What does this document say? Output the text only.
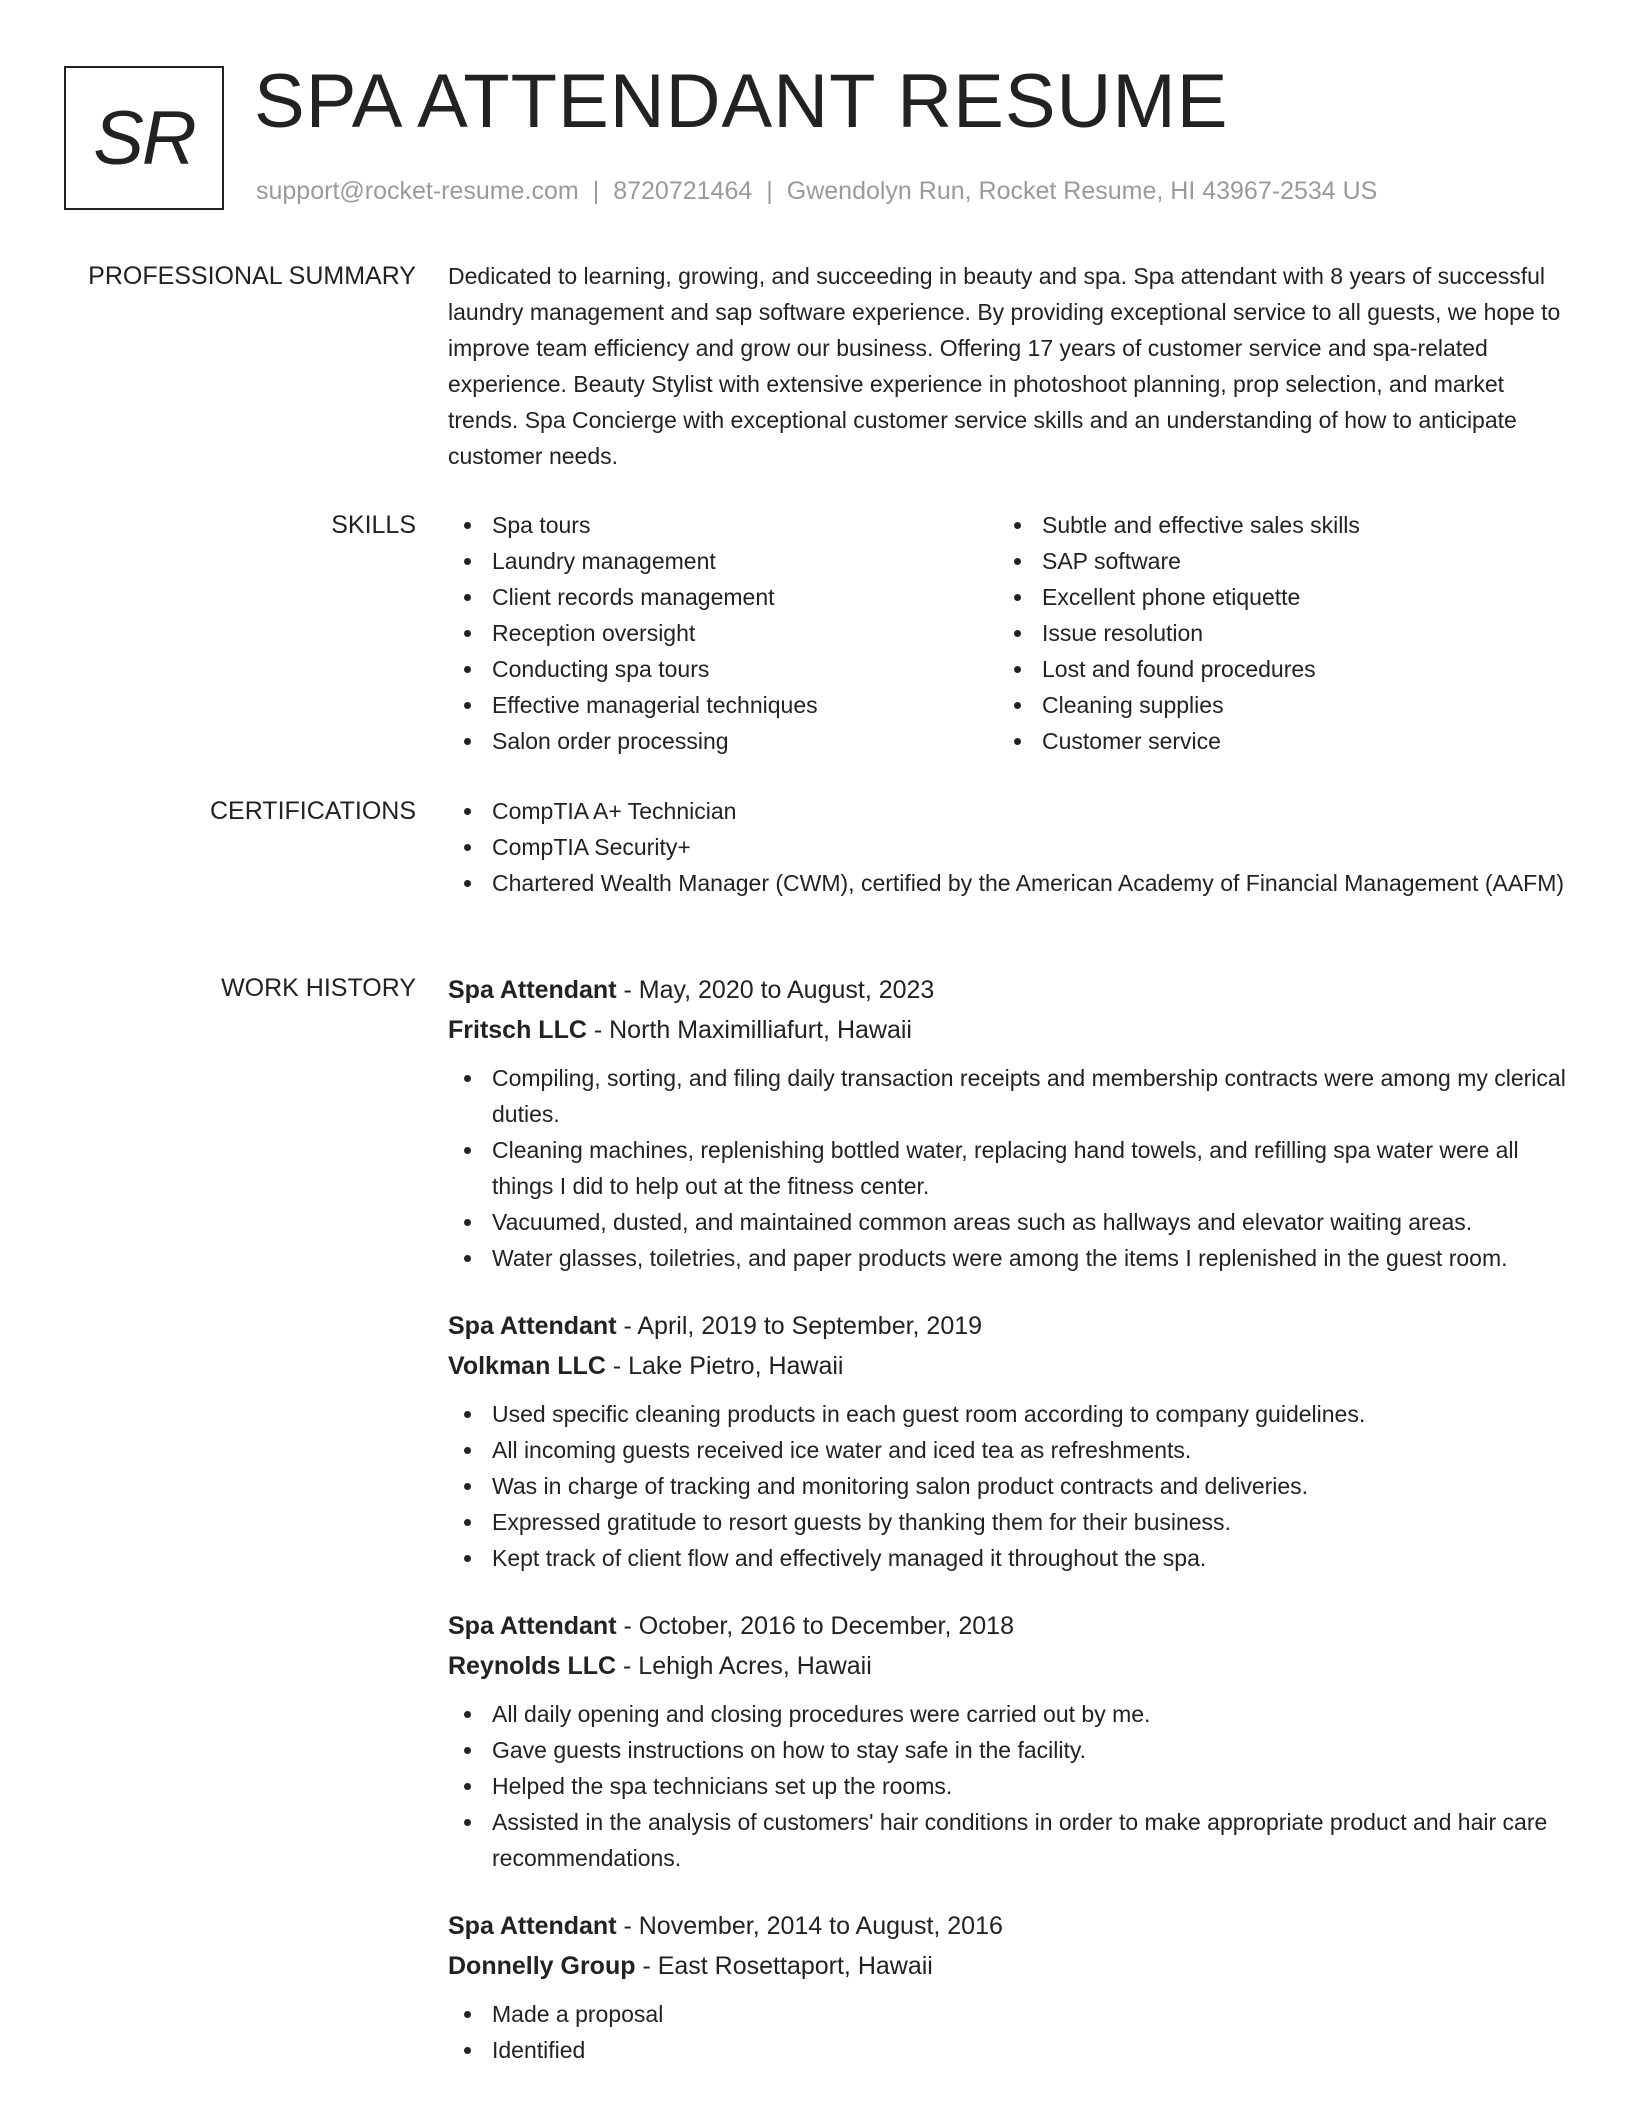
SR SPA ATTENDANT RESUME
support@rocket-resume.com | 8720721464 | Gwendolyn Run, Rocket Resume, HI 43967-2534 US
PROFESSIONAL SUMMARY Dedicated to learning, growing, and succeeding in beauty and spa. Spa attendant with 8 years of successful laundry management and sap software experience. By providing exceptional service to all guests, we hope to improve team efficiency and grow our business. Offering 17 years of customer service and spa-related experience. Beauty Stylist with extensive experience in photoshoot planning, prop selection, and market trends. Spa Concierge with exceptional customer service skills and an understanding of how to anticipate customer needs.

SKILLS	Spa tours
Laundry management
Client records management
Reception oversight
Conducting spa tours
Effective managerial techniques
Salon order processing
Subtle and effective sales skills
SAP software
Excellent phone etiquette
Issue resolution
Lost and found procedures
Cleaning supplies
Customer service
CERTIFICATIONS	CompTIA A+ Technician
CompTIA Security+
Chartered Wealth Manager (CWM), certified by the American Academy of Financial Management (AAFM)
WORK HISTORY Spa Attendant - May, 2020 to August, 2023
Fritsch LLC - North Maximilliafurt, Hawaii
Compiling, sorting, and filing daily transaction receipts and membership contracts were among my clerical duties.
Cleaning machines, replenishing bottled water, replacing hand towels, and refilling spa water were all things I did to help out at the fitness center.
Vacuumed, dusted, and maintained common areas such as hallways and elevator waiting areas.
Water glasses, toiletries, and paper products were among the items I replenished in the guest room.
Spa Attendant - April, 2019 to September, 2019
Volkman LLC - Lake Pietro, Hawaii
Used specific cleaning products in each guest room according to company guidelines.
All incoming guests received ice water and iced tea as refreshments.
Was in charge of tracking and monitoring salon product contracts and deliveries.
Expressed gratitude to resort guests by thanking them for their business.
Kept track of client flow and effectively managed it throughout the spa.
Spa Attendant - October, 2016 to December, 2018
Reynolds LLC - Lehigh Acres, Hawaii
All daily opening and closing procedures were carried out by me.
Gave guests instructions on how to stay safe in the facility.
Helped the spa technicians set up the rooms.
Assisted in the analysis of customers' hair conditions in order to make appropriate product and hair care recommendations.
Spa Attendant - November, 2014 to August, 2016
Donnelly Group - East Rosettaport, Hawaii
Made a proposal
Identified
